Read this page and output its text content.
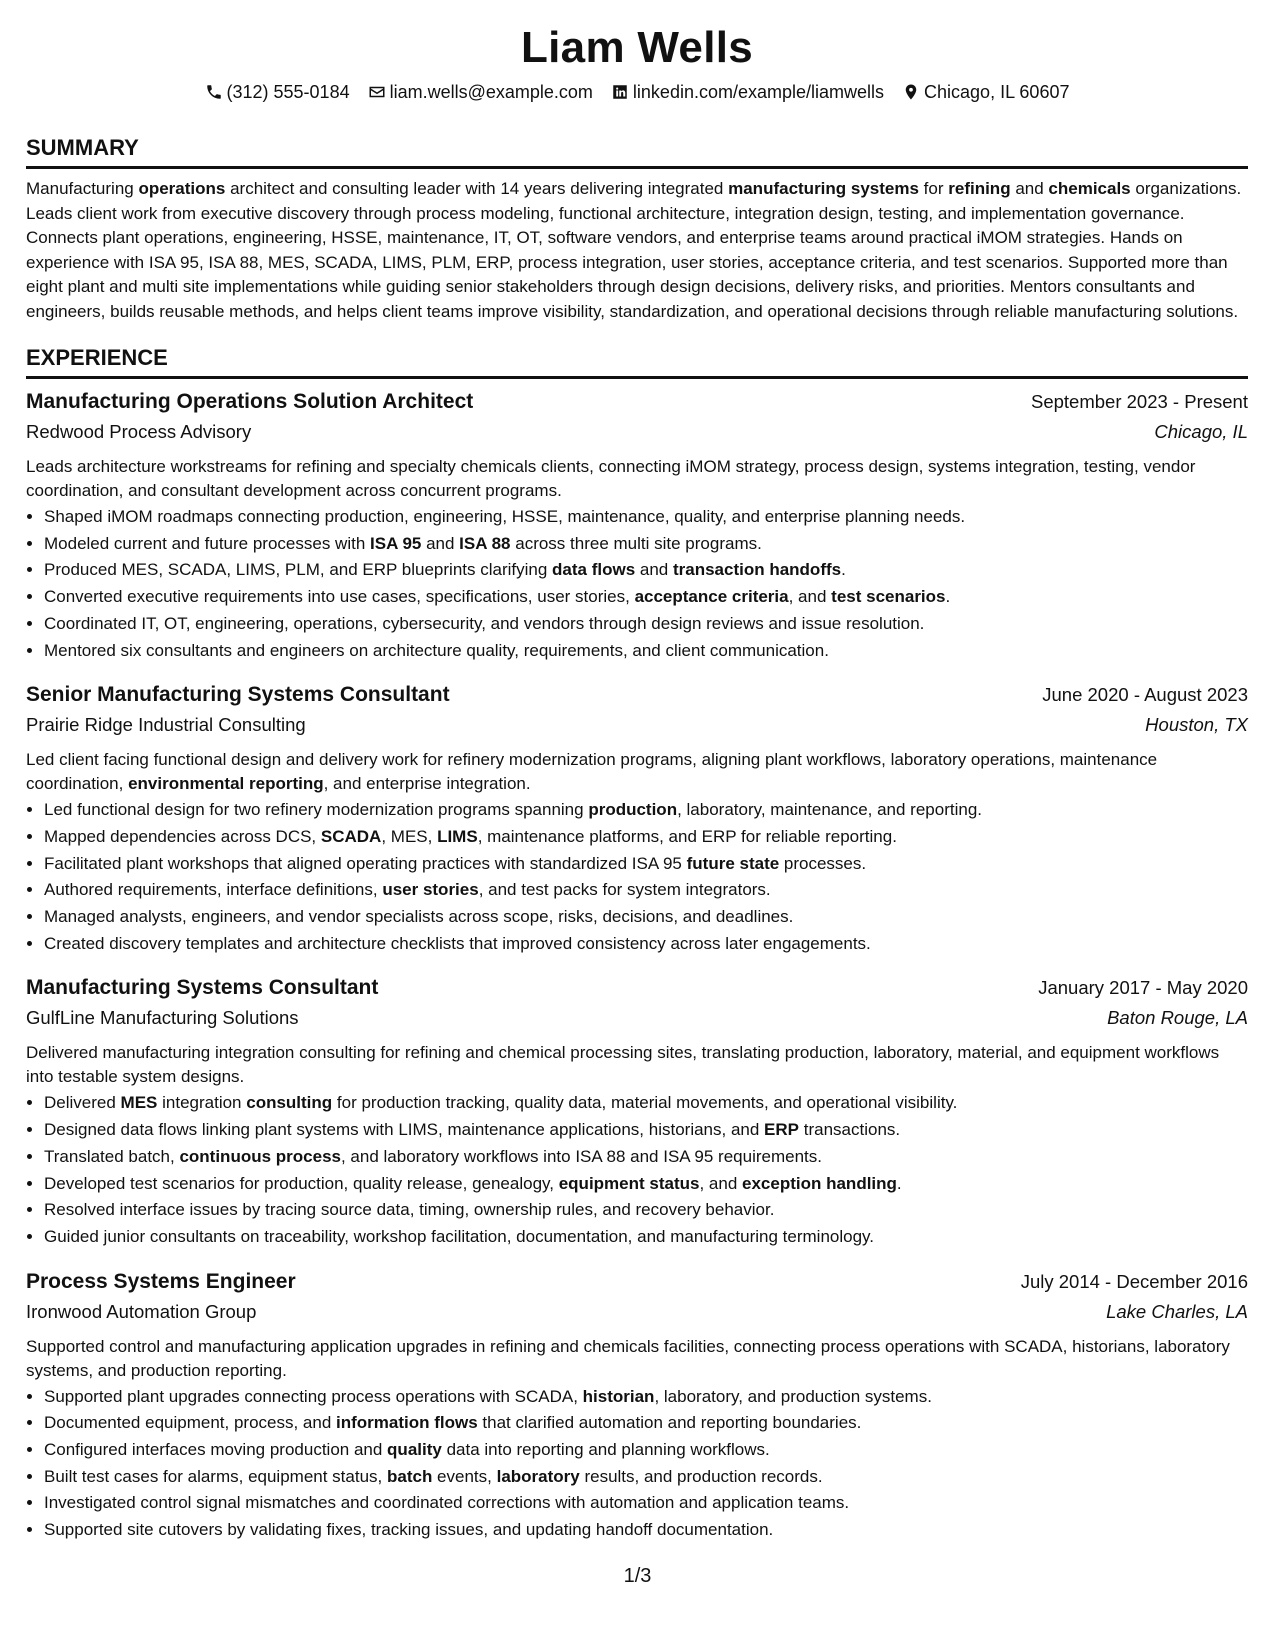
Liam Wells
(312) 555-0184 liam.wells@example.com linkedin.com/example/liamwells Chicago, IL 60607
SUMMARY

Manufacturing operations architect and consulting leader with 14 years delivering integrated manufacturing systems for refining and chemicals organizations. Leads client work from executive discovery through process modeling, functional architecture, integration design, testing, and implementation governance. Connects plant operations, engineering, HSSE, maintenance, IT, OT, software vendors, and enterprise teams around practical iMOM strategies. Hands on experience with ISA 95, ISA 88, MES, SCADA, LIMS, PLM, ERP, process integration, user stories, acceptance criteria, and test scenarios. Supported more than eight plant and multi site implementations while guiding senior stakeholders through design decisions, delivery risks, and priorities. Mentors consultants and engineers, builds reusable methods, and helps client teams improve visibility, standardization, and operational decisions through reliable manufacturing solutions.

EXPERIENCE
Manufacturing Operations Solution Architect	September 2023 - Present
Redwood Process Advisory	Chicago, IL
Leads architecture workstreams for refining and specialty chemicals clients, connecting iMOM strategy, process design, systems integration, testing, vendor coordination, and consultant development across concurrent programs.
• Shaped iMOM roadmaps connecting production, engineering, HSSE, maintenance, quality, and enterprise planning needs.
• Modeled current and future processes with ISA 95 and ISA 88 across three multi site programs.
• Produced MES, SCADA, LIMS, PLM, and ERP blueprints clarifying data flows and transaction handoffs.
• Converted executive requirements into use cases, specifications, user stories, acceptance criteria, and test scenarios.
• Coordinated IT, OT, engineering, operations, cybersecurity, and vendors through design reviews and issue resolution.
• Mentored six consultants and engineers on architecture quality, requirements, and client communication.
Senior Manufacturing Systems Consultant	June 2020 - August 2023
Prairie Ridge Industrial Consulting	Houston, TX
Led client facing functional design and delivery work for refinery modernization programs, aligning plant workflows, laboratory operations, maintenance coordination, environmental reporting, and enterprise integration.
• Led functional design for two refinery modernization programs spanning production, laboratory, maintenance, and reporting.
• Mapped dependencies across DCS, SCADA, MES, LIMS, maintenance platforms, and ERP for reliable reporting.
• Facilitated plant workshops that aligned operating practices with standardized ISA 95 future state processes.
• Authored requirements, interface definitions, user stories, and test packs for system integrators.
• Managed analysts, engineers, and vendor specialists across scope, risks, decisions, and deadlines.
• Created discovery templates and architecture checklists that improved consistency across later engagements.
Manufacturing Systems Consultant	January 2017 - May 2020
GulfLine Manufacturing Solutions	Baton Rouge, LA
Delivered manufacturing integration consulting for refining and chemical processing sites, translating production, laboratory, material, and equipment workflows into testable system designs.
• Delivered MES integration consulting for production tracking, quality data, material movements, and operational visibility.
• Designed data flows linking plant systems with LIMS, maintenance applications, historians, and ERP transactions.
• Translated batch, continuous process, and laboratory workflows into ISA 88 and ISA 95 requirements.
• Developed test scenarios for production, quality release, genealogy, equipment status, and exception handling.
• Resolved interface issues by tracing source data, timing, ownership rules, and recovery behavior.
• Guided junior consultants on traceability, workshop facilitation, documentation, and manufacturing terminology.
Process Systems Engineer	July 2014 - December 2016
Ironwood Automation Group	Lake Charles, LA
Supported control and manufacturing application upgrades in refining and chemicals facilities, connecting process operations with SCADA, historians, laboratory systems, and production reporting.
• Supported plant upgrades connecting process operations with SCADA, historian, laboratory, and production systems.
• Documented equipment, process, and information flows that clarified automation and reporting boundaries.
• Configured interfaces moving production and quality data into reporting and planning workflows.
• Built test cases for alarms, equipment status, batch events, laboratory results, and production records.
• Investigated control signal mismatches and coordinated corrections with automation and application teams.
• Supported site cutovers by validating fixes, tracking issues, and updating handoff documentation.
1/3
